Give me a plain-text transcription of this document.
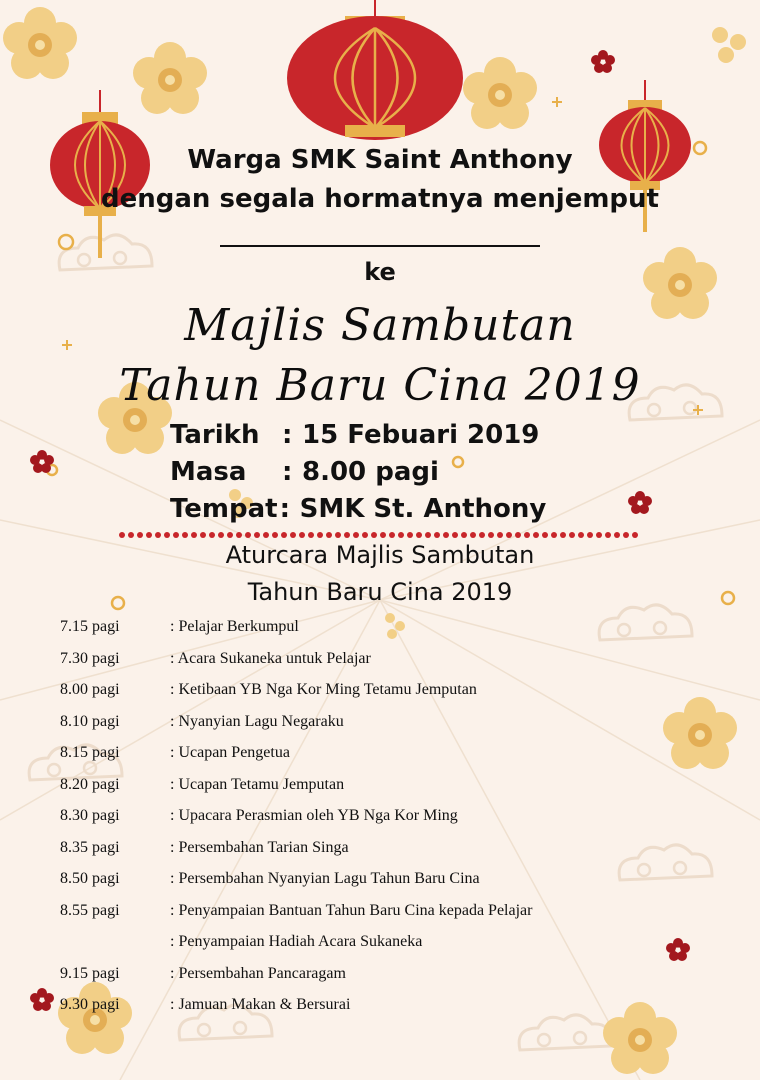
Warga SMK Saint Anthony
dengan segala hormatnya menjemput
ke
Majlis Sambutan
Tahun Baru Cina 2019
Tarikh : 15 Febuari 2019
Masa : 8.00 pagi
Tempat: SMK St. Anthony
Aturcara Majlis Sambutan
Tahun Baru Cina 2019
7.15 pagi	: Pelajar Berkumpul
7.30 pagi	: Acara Sukaneka untuk Pelajar
8.00 pagi	: Ketibaan YB Nga Kor Ming Tetamu Jemputan
8.10 pagi	: Nyanyian Lagu Negaraku
8.15 pagi	: Ucapan Pengetua
8.20 pagi	: Ucapan Tetamu Jemputan
8.30 pagi	: Upacara Perasmian oleh YB Nga Kor Ming
8.35 pagi	: Persembahan Tarian Singa
8.50 pagi	: Persembahan Nyanyian Lagu Tahun Baru Cina
8.55 pagi	: Penyampaian Bantuan Tahun Baru Cina kepada Pelajar
: Penyampaian Hadiah Acara Sukaneka
9.15 pagi	: Persembahan Pancaragam
9.30 pagi	: Jamuan Makan & Bersurai
